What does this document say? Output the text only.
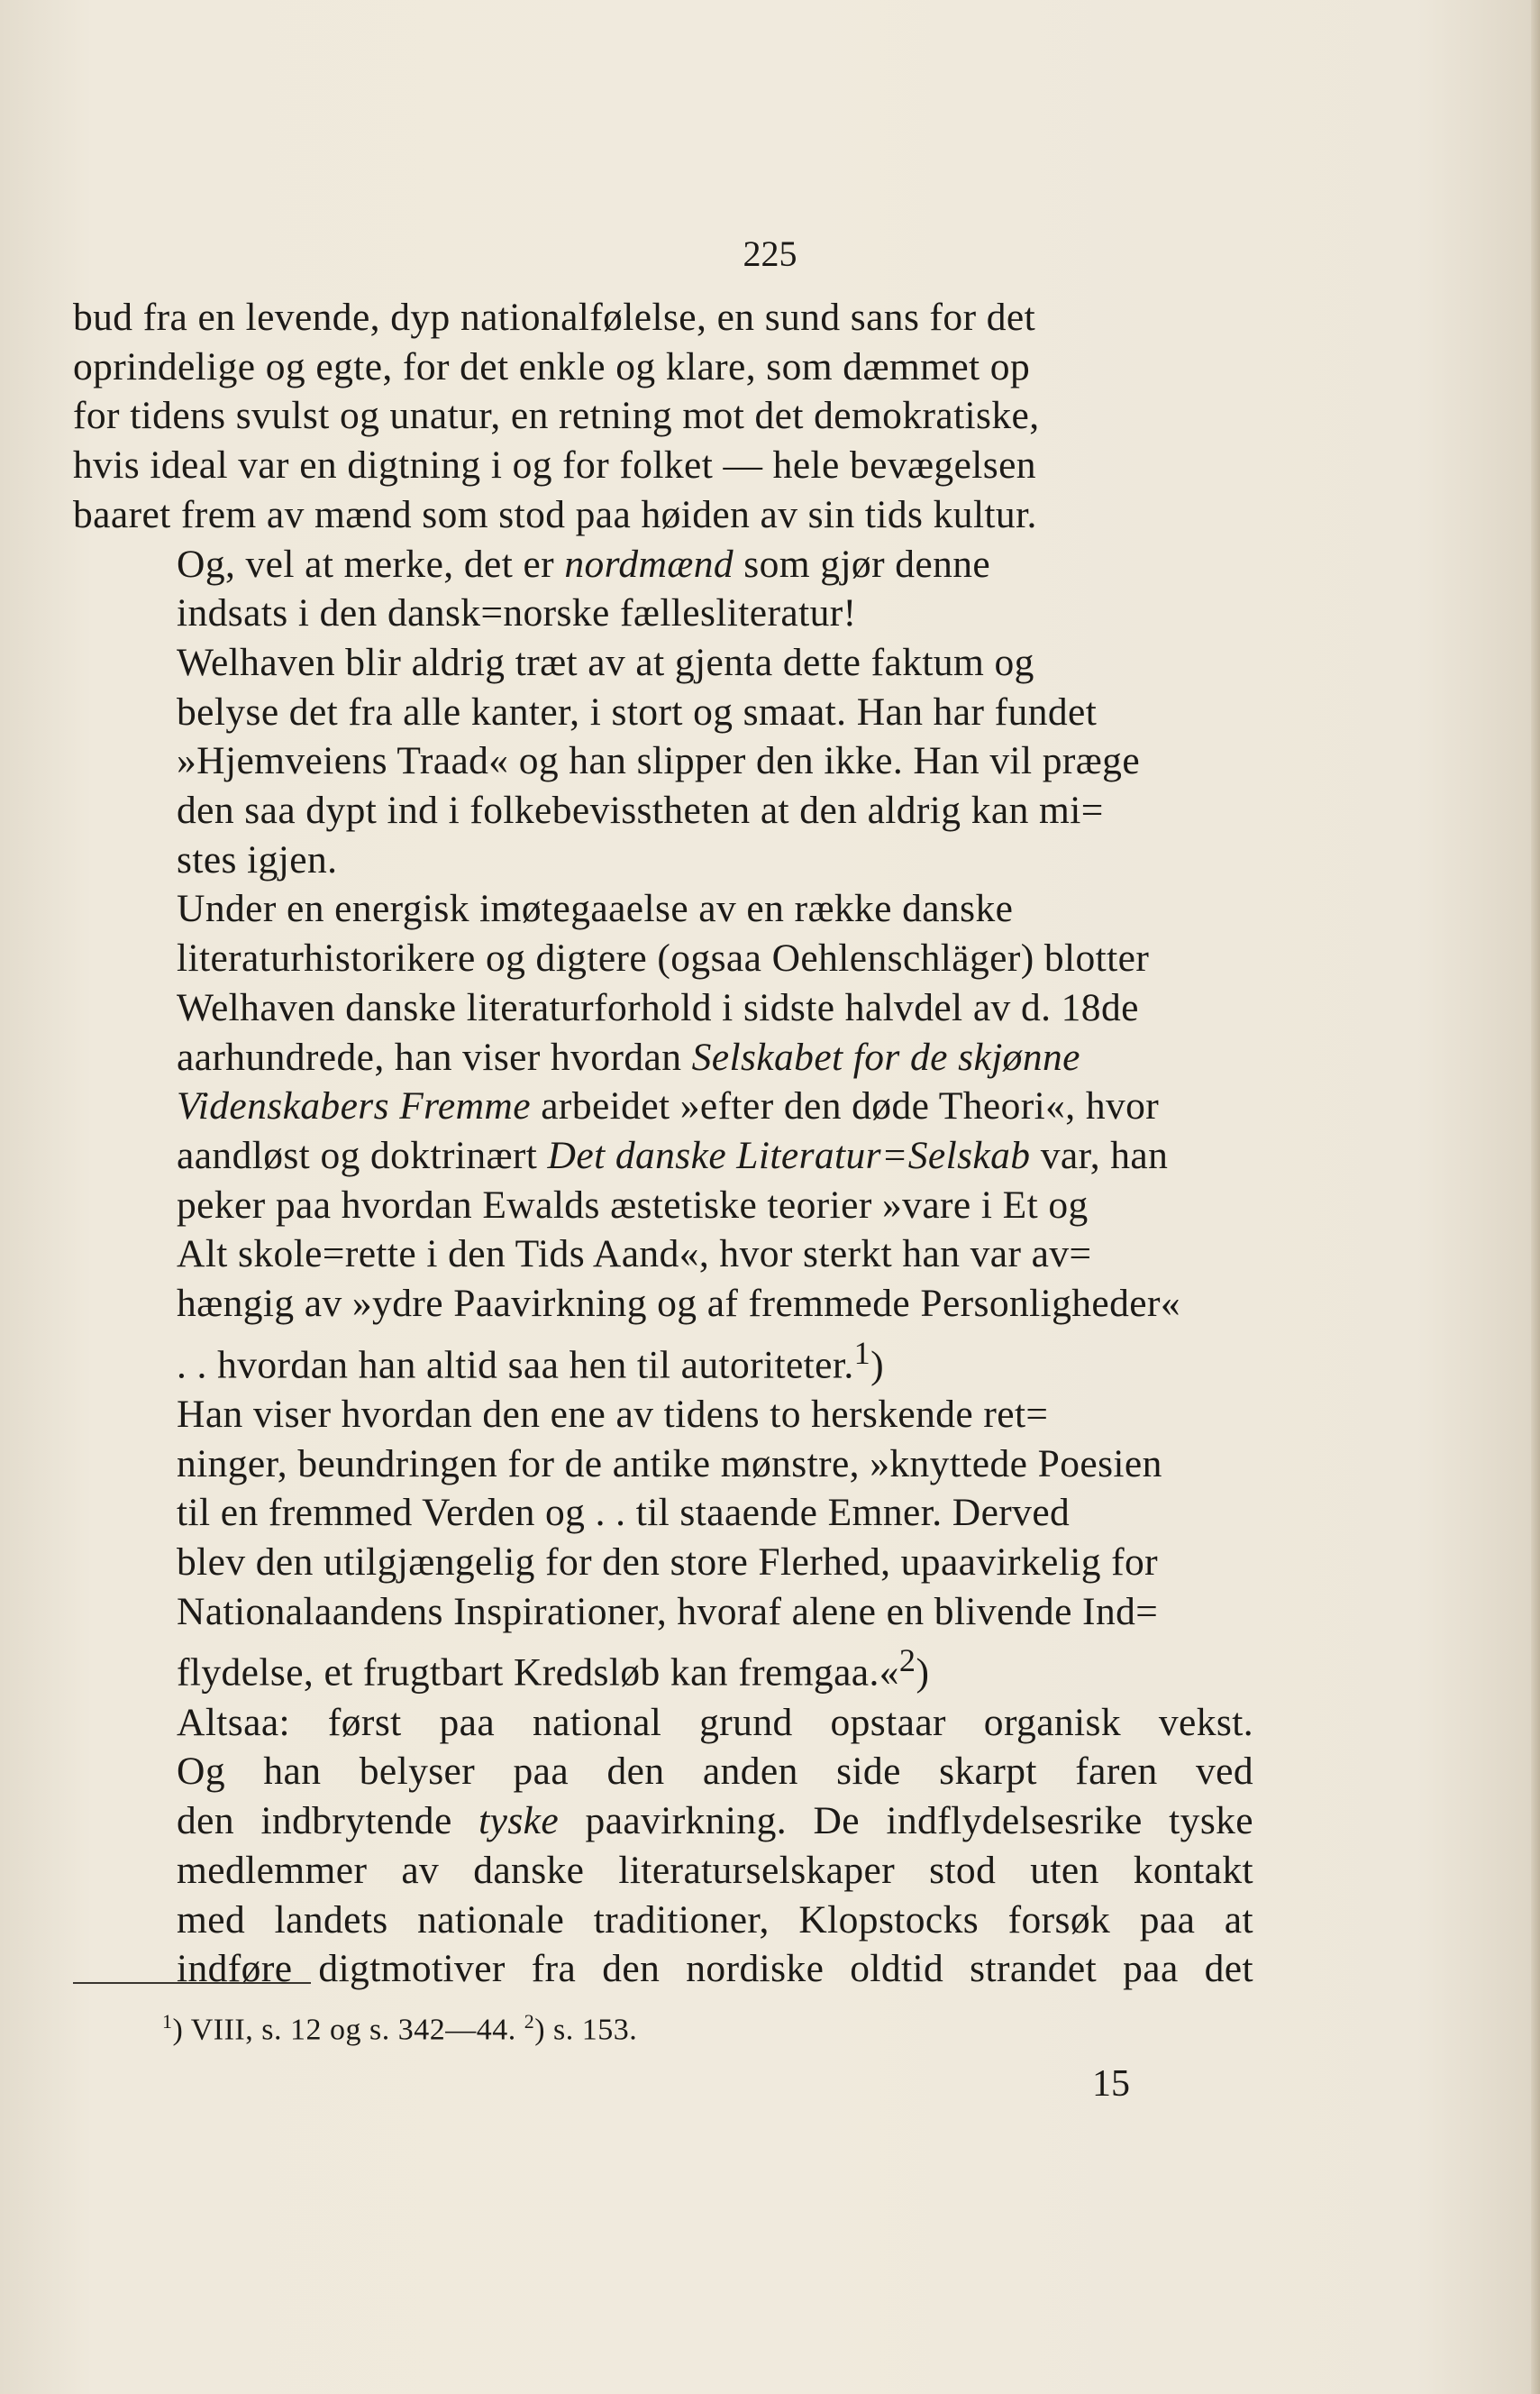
225

bud fra en levende, dyp nationalfølelse, en sund sans for det
oprindelige og egte, for det enkle og klare, som dæmmet op
for tidens svulst og unatur, en retning mot det demokratiske,
hvis ideal var en digtning i og for folket — hele bevægelsen
baaret frem av mænd som stod paa høiden av sin tids kultur.

Og, vel at merke, det er nordmænd som gjør denne
indsats i den dansk=norske fællesliteratur!

Welhaven blir aldrig træt av at gjenta dette faktum og
belyse det fra alle kanter, i stort og smaat. Han har fundet
»Hjemveiens Traad« og han slipper den ikke. Han vil præge
den saa dypt ind i folkebevisstheten at den aldrig kan mi=
stes igjen.

Under en energisk imøtegaaelse av en række danske
literaturhistorikere og digtere (ogsaa Oehlenschläger) blotter
Welhaven danske literaturforhold i sidste halvdel av d. 18de
aarhundrede, han viser hvordan Selskabet for de skjønne
Videnskabers Fremme arbeidet »efter den døde Theori«, hvor
aandløst og doktrinært Det danske Literatur=Selskab var, han
peker paa hvordan Ewalds æstetiske teorier »vare i Et og
Alt skole=rette i den Tids Aand«, hvor sterkt han var av=
hængig av »ydre Paavirkning og af fremmede Personligheder«
. . hvordan han altid saa hen til autoriteter.$^1$)

Han viser hvordan den ene av tidens to herskende ret=
ninger, beundringen for de antike mønstre, »knyttede Poesien
til en fremmed Verden og . . til staaende Emner. Derved
blev den utilgjængelig for den store Flerhed, upaavirkelig for
Nationalaandens Inspirationer, hvoraf alene en blivende Ind=
flydelse, et frugtbart Kredsløb kan fremgaa.«$^2$)

Altsaa: først paa national grund opstaar organisk vekst.

Og han belyser paa den anden side skarpt faren ved
den indbrytende tyske paavirkning. De indflydelsesrike tyske
medlemmer av danske literaturselskaper stod uten kontakt
med landets nationale traditioner, Klopstocks forsøk paa at
indføre digtmotiver fra den nordiske oldtid strandet paa det

$^1$) VIII, s. 12 og s. 342—44. $^2$) s. 153.
15
